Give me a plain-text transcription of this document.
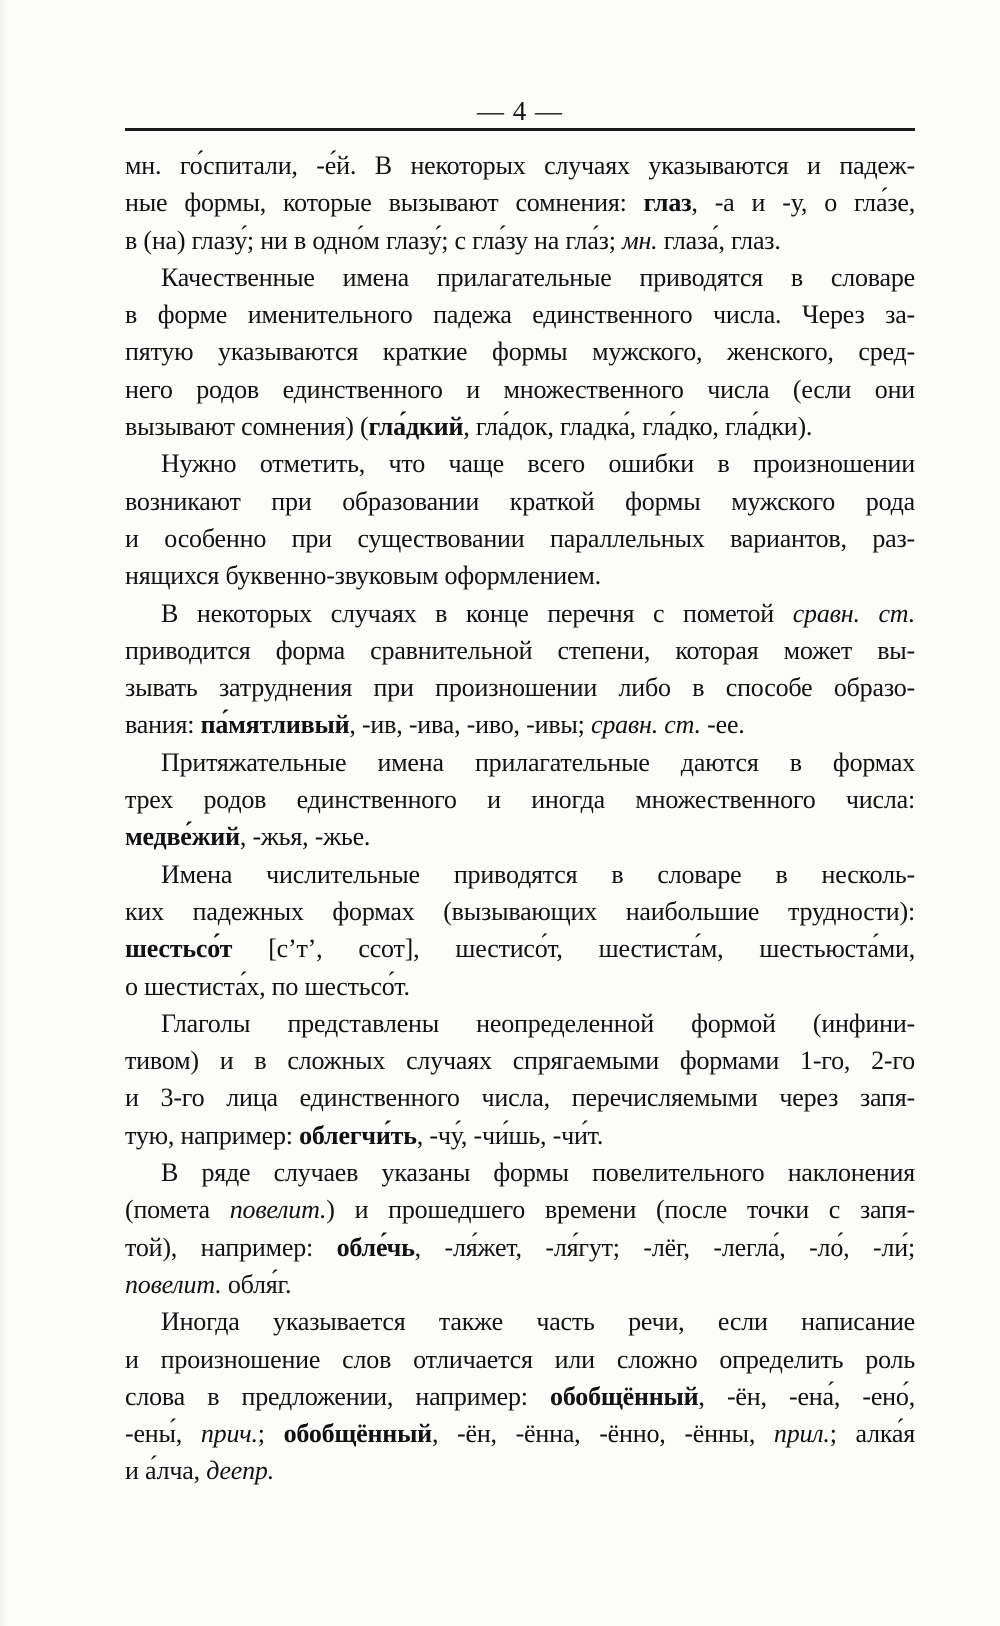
— 4 —
мн. го́спитали, -е́й. В некоторых случаях указываются и падеж-
ные формы, которые вызывают сомнения: глаз, -а и -у, о гла́зе,
в (на) глазу́; ни в одно́м глазу́; с гла́зу на гла́з; мн. глаза́, глаз.
Качественные имена прилагательные приводятся в словаре
в форме именительного падежа единственного числа. Через за-
пятую указываются краткие формы мужского, женского, сред-
него родов единственного и множественного числа (если они
вызывают сомнения) (гла́дкий, гла́док, гладка́, гла́дко, гла́дки).
Нужно отметить, что чаще всего ошибки в произношении
возникают при образовании краткой формы мужского рода
и особенно при существовании параллельных вариантов, раз-
нящихся буквенно-звуковым оформлением.
В некоторых случаях в конце перечня с пометой сравн. ст.
приводится форма сравнительной степени, которая может вы-
зывать затруднения при произношении либо в способе образо-
вания: па́мятливый, -ив, -ива, -иво, -ивы; сравн. ст. -ее.
Притяжательные имена прилагательные даются в формах
трех родов единственного и иногда множественного числа:
медве́жий, -жья, -жье.
Имена числительные приводятся в словаре в несколь-
ких падежных формах (вызывающих наибольшие трудности):
шестьсо́т [с’т’, ссот], шестисо́т, шестиста́м, шестьюста́ми,
о шестиста́х, по шестьсо́т.
Глаголы представлены неопределенной формой (инфини-
тивом) и в сложных случаях спрягаемыми формами 1-го, 2-го
и 3-го лица единственного числа, перечисляемыми через запя-
тую, например: облегчи́ть, -чу́, -чи́шь, -чи́т.
В ряде случаев указаны формы повелительного наклонения
(помета повелит.) и прошедшего времени (после точки с запя-
той), например: обле́чь, -ля́жет, -ля́гут; -лёг, -легла́, -ло́, -ли́;
повелит. обля́г.
Иногда указывается также часть речи, если написание
и произношение слов отличается или сложно определить роль
слова в предложении, например: обобщённый, -ён, -ена́, -ено́,
-ены́, прич.; обобщённый, -ён, -ённа, -ённо, -ённы, прил.; алка́я
и а́лча, деепр.
